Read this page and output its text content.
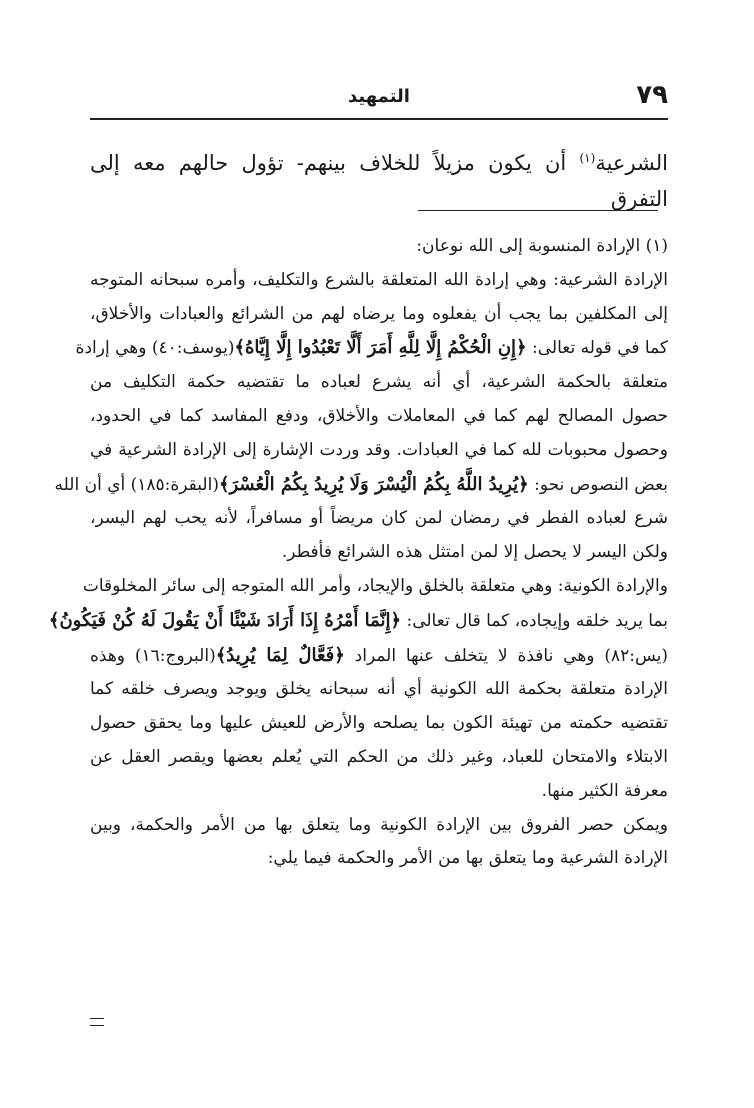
٧٩
التمهيد
الشرعية$^{(١)}$ أن يكون مزيلاً للخلاف بينهم- تؤول حالهم معه إلى التفرق
(١) الإرادة المنسوبة إلى الله نوعان:
الإرادة الشرعية: وهي إرادة الله المتعلقة بالشرع والتكليف، وأمره سبحانه المتوجه
إلى المكلفين بما يجب أن يفعلوه وما يرضاه لهم من الشرائع والعبادات والأخلاق،
كما في قوله تعالى: ﴿إِنِ الْحُكْمُ إِلَّا لِلَّهِ أَمَرَ أَلَّا تَعْبُدُوا إِلَّا إِيَّاهُ﴾(يوسف:٤٠) وهي إرادة
متعلقة بالحكمة الشرعية، أي أنه يشرع لعباده ما تقتضيه حكمة التكليف من
حصول المصالح لهم كما في المعاملات والأخلاق، ودفع المفاسد كما في الحدود،
وحصول محبوبات لله كما في العبادات. وقد وردت الإشارة إلى الإرادة الشرعية في
بعض النصوص نحو: ﴿يُرِيدُ اللَّهُ بِكُمُ الْيُسْرَ وَلَا يُرِيدُ بِكُمُ الْعُسْرَ﴾(البقرة:١٨٥) أي أن الله
شرع لعباده الفطر في رمضان لمن كان مريضاً أو مسافراً، لأنه يحب لهم اليسر،
ولكن اليسر لا يحصل إلا لمن امتثل هذه الشرائع فأفطر.
والإرادة الكونية: وهي متعلقة بالخلق والإيجاد، وأمر الله المتوجه إلى سائر المخلوقات
بما يريد خلقه وإيجاده، كما قال تعالى: ﴿إِنَّمَا أَمْرُهُ إِذَا أَرَادَ شَيْئًا أَنْ يَقُولَ لَهُ كُنْ فَيَكُونُ﴾
(يس:٨٢) وهي نافذة لا يتخلف عنها المراد ﴿فَعَّالٌ لِمَا يُرِيدُ﴾(البروج:١٦) وهذه
الإرادة متعلقة بحكمة الله الكونية أي أنه سبحانه يخلق ويوجد ويصرف خلقه كما
تقتضيه حكمته من تهيئة الكون بما يصلحه والأرض للعيش عليها وما يحقق حصول
الابتلاء والامتحان للعباد، وغير ذلك من الحكم التي يُعلم بعضها ويقصر العقل عن
معرفة الكثير منها.
ويمكن حصر الفروق بين الإرادة الكونية وما يتعلق بها من الأمر والحكمة، وبين
الإرادة الشرعية وما يتعلق بها من الأمر والحكمة فيما يلي:
